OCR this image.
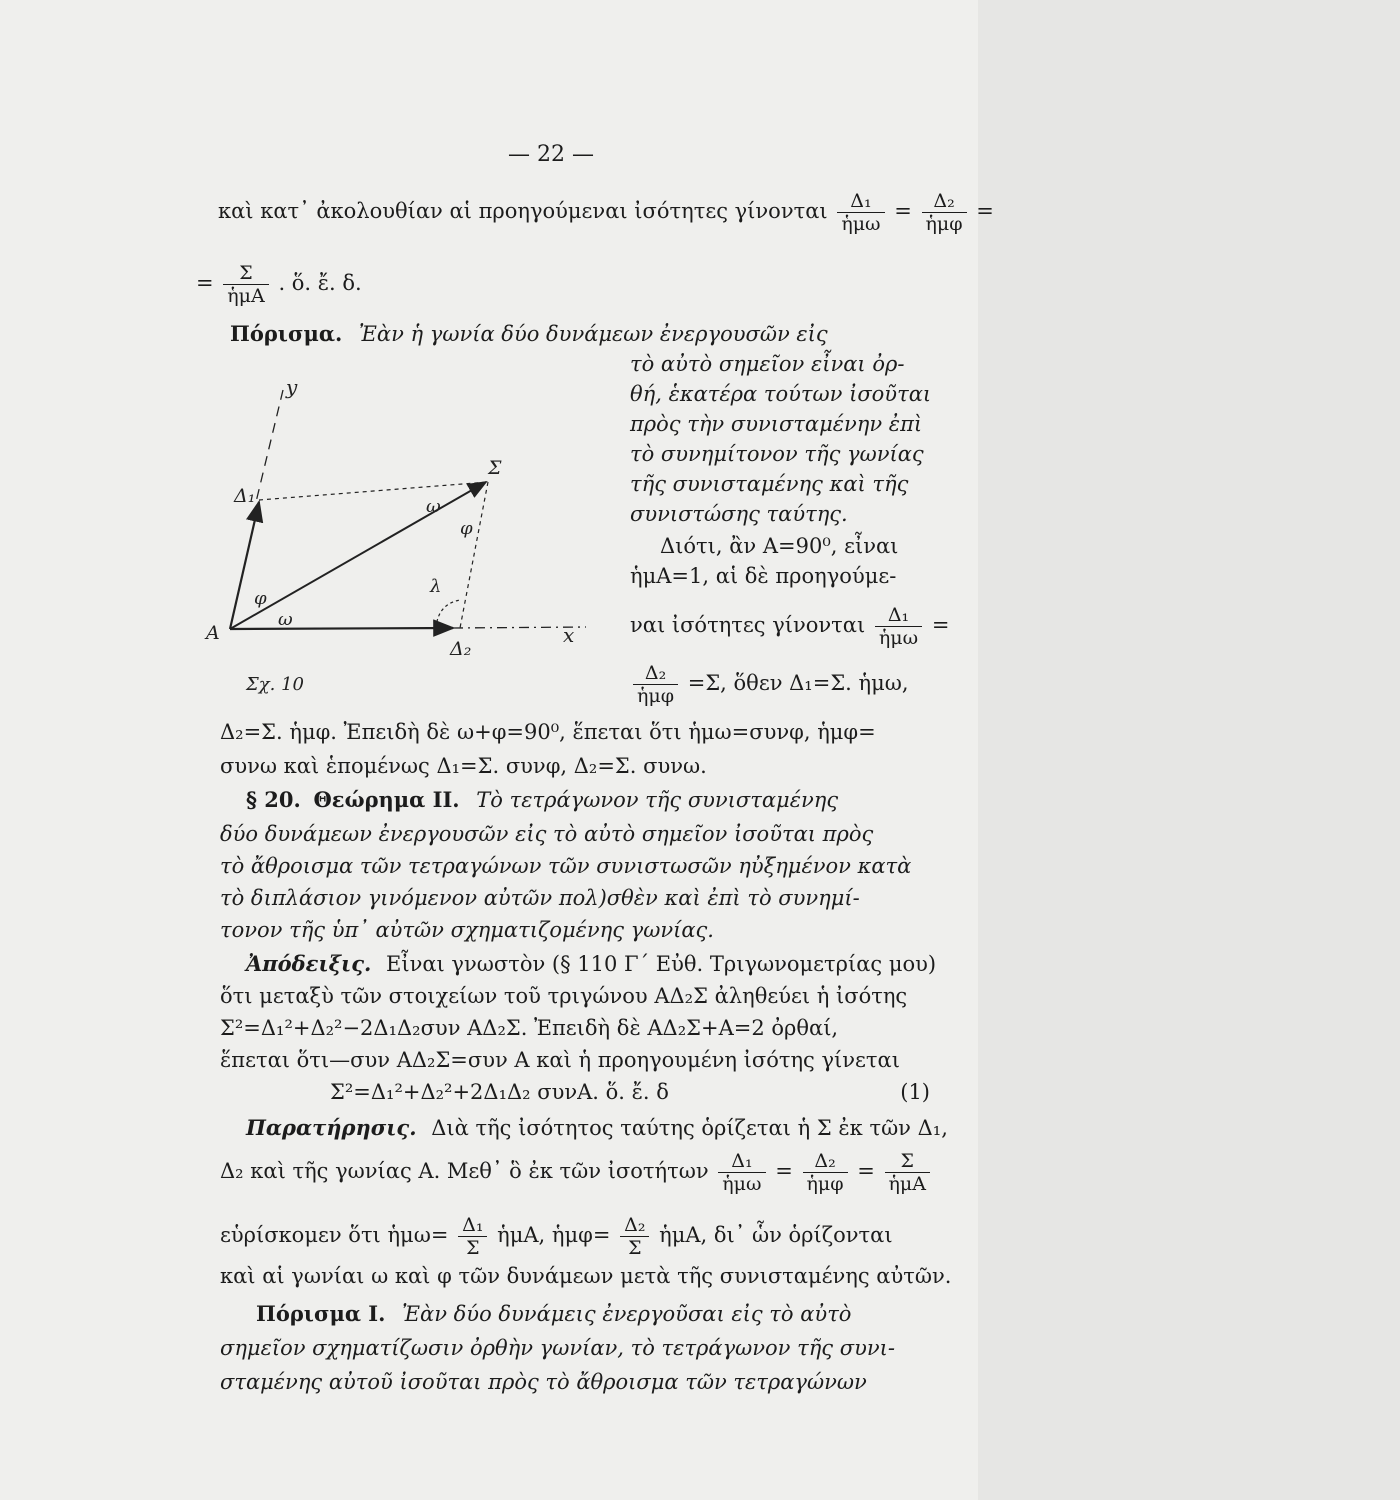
— 22 —
καὶ κατ᾽ ἀκολουθίαν αἱ προηγούμεναι ἰσότητες γίνονται $\frac{\text{Δ₁}}{\text{ἡμω}} = \frac{\text{Δ₂}}{\text{ἡμφ}}$ =
= $\frac{\Sigma}{\text{ἡμA}}$ . ὅ. ἔ. δ.
Πόρισμα. Ἐὰν ἡ γωνία δύο δυνάμεων ἐνεργουσῶν εἰς
τὸ αὐτὸ σημεῖον εἶναι ὀρ-
θή, ἑκατέρα τούτων ἰσοῦται
πρὸς τὴν συνισταμένην ἐπὶ
τὸ συνημίτονον τῆς γωνίας
τῆς συνισταμένης καὶ τῆς
συνιστώσης ταύτης.
Διότι, ἂν A=90⁰, εἶναι
ἡμA=1, αἱ δὲ προηγούμε-
ναι ἰσότητες γίνονται $\frac{\text{Δ₁}}{\text{ἡμω}}$ =
$\frac{\text{Δ₂}}{\text{ἡμφ}} =\Sigma$, ὅθεν Δ₁=Σ. ἡμω,
y
x
A
Δ₁
Δ₂
Σ
φ
ω
ω
φ
λ
Σχ. 10
Δ₂=Σ. ἡμφ. Ἐπειδὴ δὲ ω+φ=90⁰, ἕπεται ὅτι ἡμω=συνφ, ἡμφ=
συνω καὶ ἑπομένως Δ₁=Σ. συνφ, Δ₂=Σ. συνω.
§ 20. Θεώρημα II. Τὸ τετράγωνον τῆς συνισταμένης
δύο δυνάμεων ἐνεργουσῶν εἰς τὸ αὐτὸ σημεῖον ἰσοῦται πρὸς
τὸ ἄθροισμα τῶν τετραγώνων τῶν συνιστωσῶν ηὐξημένον κατὰ
τὸ διπλάσιον γινόμενον αὐτῶν πολ)σθὲν καὶ ἐπὶ τὸ συνημί-
τονον τῆς ὑπ᾽ αὐτῶν σχηματιζομένης γωνίας.
Ἀπόδειξις. Εἶναι γνωστὸν (§ 110 Γ΄ Εὐθ. Τριγωνομετρίας μου)
ὅτι μεταξὺ τῶν στοιχείων τοῦ τριγώνου AΔ₂Σ ἀληθεύει ἡ ἰσότης
Σ²=Δ₁²+Δ₂²−2Δ₁Δ₂συν AΔ₂Σ. Ἐπειδὴ δὲ AΔ₂Σ+A=2 ὀρθαί,
ἕπεται ὅτι—συν AΔ₂Σ=συν A καὶ ἡ προηγουμένη ἰσότης γίνεται
Σ²=Δ₁²+Δ₂²+2Δ₁Δ₂ συνA. ὅ. ἔ. δ	(1)
Παρατήρησις. Διὰ τῆς ἰσότητος ταύτης ὁρίζεται ἡ Σ ἐκ τῶν Δ₁,
Δ₂ καὶ τῆς γωνίας A. Μεθ᾽ ὃ ἐκ τῶν ἰσοτήτων $\frac{\text{Δ₁}}{\text{ἡμω}} = \frac{\text{Δ₂}}{\text{ἡμφ}} = \frac{\Sigma}{\text{ἡμA}}$
εὑρίσκομεν ὅτι ἡμω= $\frac{\text{Δ₁}}{\Sigma}$ ἡμA, ἡμφ= $\frac{\text{Δ₂}}{\Sigma}$ ἡμA, δι᾽ ὧν ὁρίζονται
καὶ αἱ γωνίαι ω καὶ φ τῶν δυνάμεων μετὰ τῆς συνισταμένης αὐτῶν.
Πόρισμα I. Ἐὰν δύο δυνάμεις ἐνεργοῦσαι εἰς τὸ αὐτὸ
σημεῖον σχηματίζωσιν ὀρθὴν γωνίαν, τὸ τετράγωνον τῆς συνι-
σταμένης αὐτοῦ ἰσοῦται πρὸς τὸ ἄθροισμα τῶν τετραγώνων
